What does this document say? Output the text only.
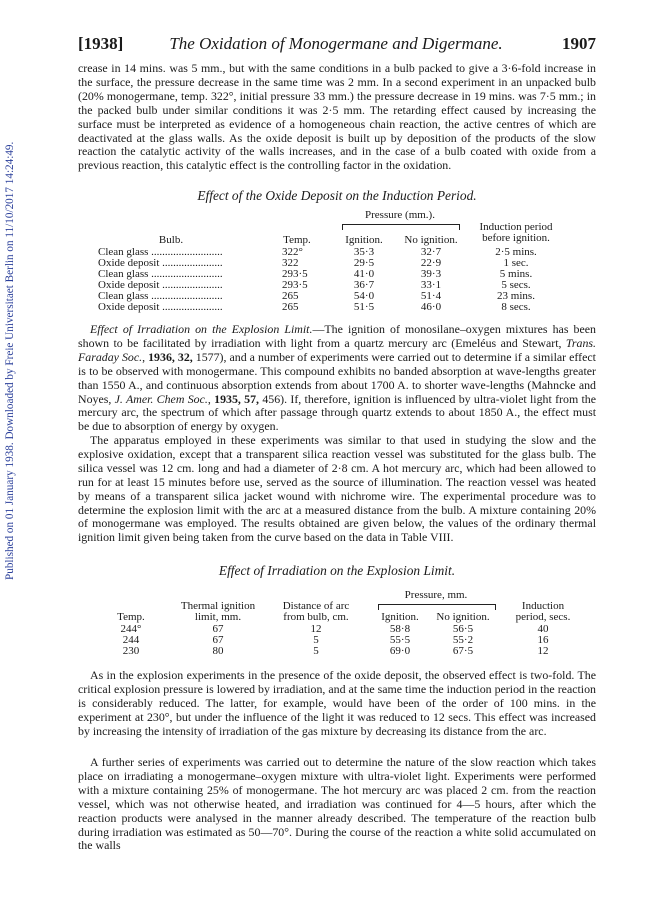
Published on 01 January 1938. Downloaded by Freie Universitaet Berlin on 11/10/2017 14:24:49.
[1938]	The Oxidation of Monogermane and Digermane.	1907

crease in 14 mins. was 5 mm., but with the same conditions in a bulb packed to give a 3·6-fold increase in the surface, the pressure decrease in the same time was 2 mm. In a second experiment in an unpacked bulb (20% monogermane, temp. 322°, initial pressure 33 mm.) the pressure decrease in 19 mins. was 7·5 mm.; in the packed bulb under similar conditions it was 2·5 mm. The retarding effect caused by increasing the surface must be interpreted as evidence of a homogeneous chain reaction, the active centres of which are deactivated at the glass walls. As the oxide deposit is built up by deposition of the products of the slow reaction the catalytic activity of the walls increases, and in the case of a bulb coated with oxide from a previous reaction, this catalytic effect is the controlling factor in the oxidation.

Effect of the Oxide Deposit on the Induction Period.
Pressure (mm.).
Induction period
before ignition.
Bulb.	Temp.	Ignition.	No ignition.
Clean glass ..........................	322°	35·3	32·7	2·5 mins.
Oxide deposit ......................	322	29·5	22·9	1 sec.
Clean glass ..........................	293·5	41·0	39·3	5 mins.
Oxide deposit ......................	293·5	36·7	33·1	5 secs.
Clean glass ..........................	265	54·0	51·4	23 mins.
Oxide deposit ......................	265	51·5	46·0	8 secs.

Effect of Irradiation on the Explosion Limit.—The ignition of monosilane–oxygen mixtures has been shown to be facilitated by irradiation with light from a quartz mercury arc (Emeléus and Stewart, Trans. Faraday Soc., 1936, 32, 1577), and a number of experiments were carried out to determine if a similar effect is to be observed with monogermane. This compound exhibits no banded absorption at wave-lengths greater than 1550 A., and continuous absorption extends from about 1700 A. to shorter wave-lengths (Mahncke and Noyes, J. Amer. Chem Soc., 1935, 57, 456). If, therefore, ignition is influenced by ultra-violet light from the mercury arc, the spectrum of which after passage through quartz extends to about 1850 A., the effect must be due to absorption of energy by oxygen.

The apparatus employed in these experiments was similar to that used in studying the slow and the explosive oxidation, except that a transparent silica reaction vessel was substituted for the glass bulb. The silica vessel was 12 cm. long and had a diameter of 2·8 cm. A hot mercury arc, which had been allowed to run for at least 15 minutes before use, served as the source of illumination. The reaction vessel was heated by means of a transparent silica jacket wound with nichrome wire. The experimental procedure was to determine the explosion limit with the arc at a measured distance from the bulb. A mixture containing 20% of monogermane was employed. The results obtained are given below, the values of the ordinary thermal ignition limit given being taken from the curve based on the data in Table VIII.

Effect of Irradiation on the Explosion Limit.
Pressure, mm.
Thermal ignition
limit, mm.
Distance of arc
from bulb, cm.
Induction
period, secs.
Temp.	Ignition.	No ignition.
244°	67	12	58·8	56·5	40
244	67	5	55·5	55·2	16
230	80	5	69·0	67·5	12

As in the explosion experiments in the presence of the oxide deposit, the observed effect is two-fold. The critical explosion pressure is lowered by irradiation, and at the same time the induction period in the reaction is considerably reduced. The latter, for example, would have been of the order of 100 mins. in the experiment at 230°, but under the influence of the light it was reduced to 12 secs. This effect was increased by increasing the intensity of irradiation of the gas mixture by decreasing its distance from the arc.

A further series of experiments was carried out to determine the nature of the slow reaction which takes place on irradiating a monogermane–oxygen mixture with ultra-violet light. Experiments were performed with a mixture containing 25% of monogermane. The hot mercury arc was placed 2 cm. from the reaction vessel, which was not otherwise heated, and irradiation was continued for 4—5 hours, after which the reaction products were analysed in the manner already described. The temperature of the reaction bulb during irradiation was estimated as 50—70°. During the course of the reaction a white solid accumulated on the walls
